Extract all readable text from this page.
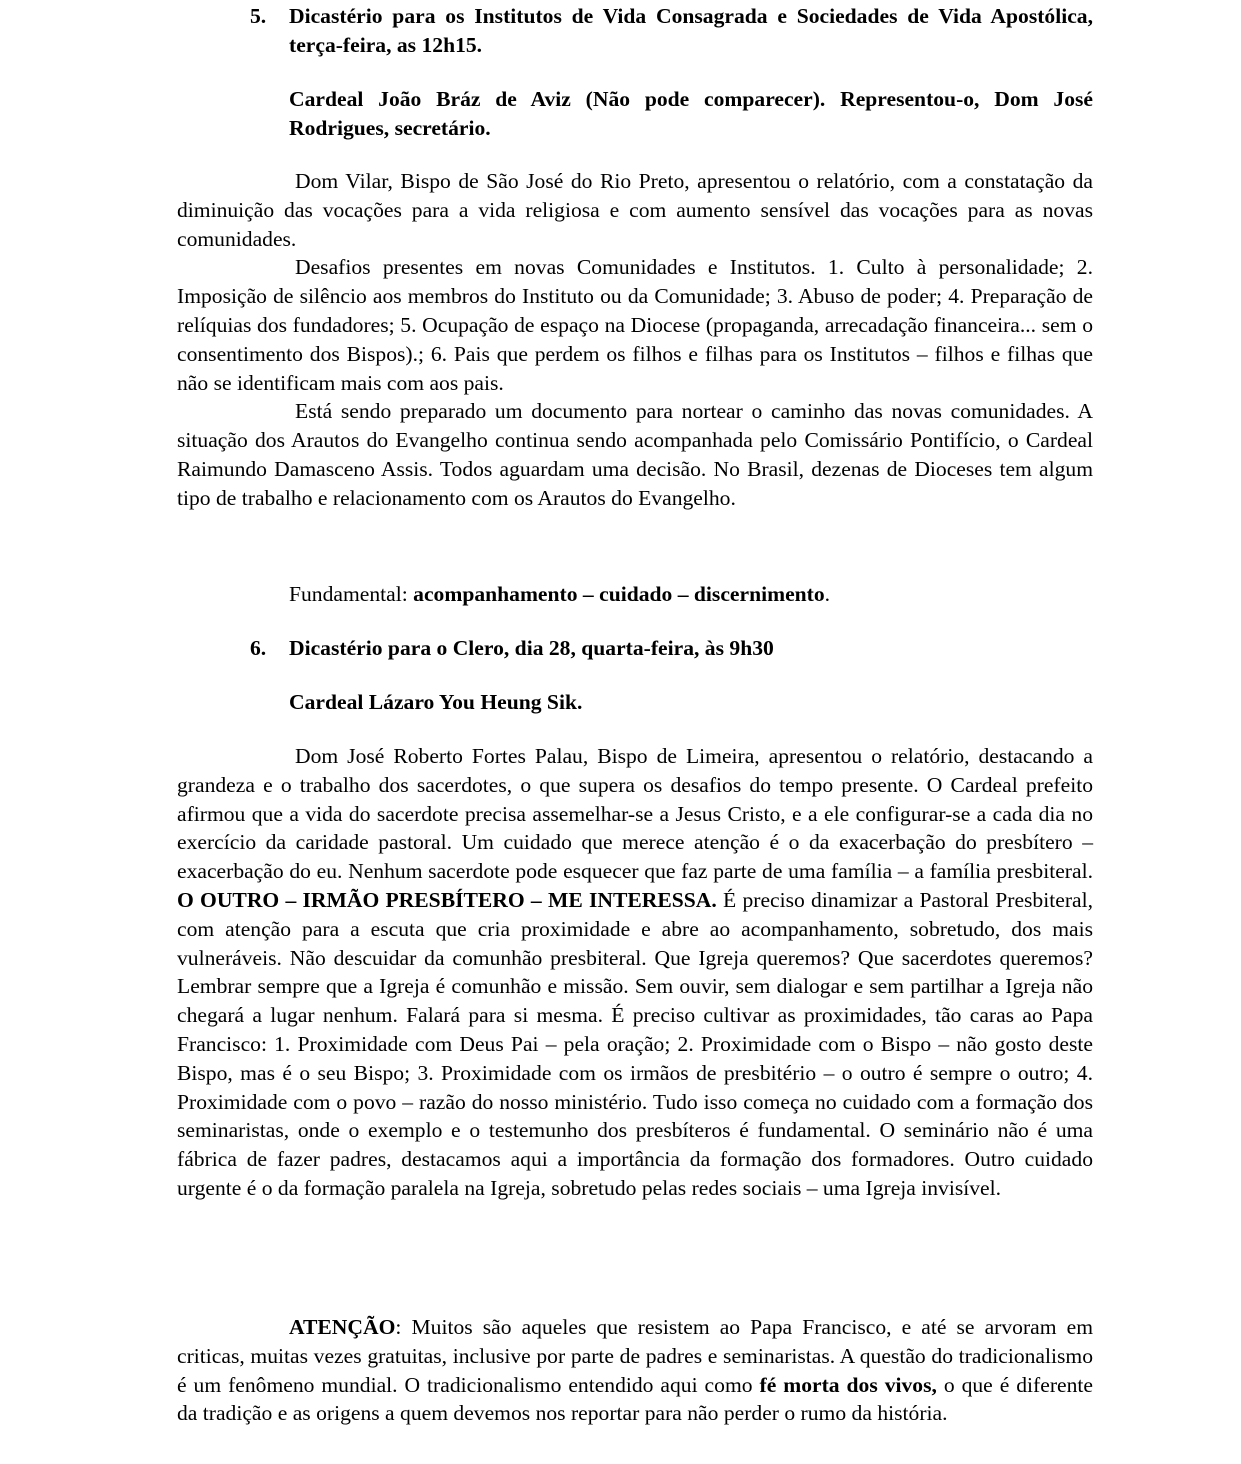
5.	Dicastério para os Institutos de Vida Consagrada e Sociedades de Vida Apostólica, terça-feira, as 12h15.
Cardeal João Bráz de Aviz (Não pode comparecer). Representou-o, Dom José Rodrigues, secretário.

Dom Vilar, Bispo de São José do Rio Preto, apresentou o relatório, com a constatação da diminuição das vocações para a vida religiosa e com aumento sensível das vocações para as novas comunidades.

Desafios presentes em novas Comunidades e Institutos. 1. Culto à personalidade; 2. Imposição de silêncio aos membros do Instituto ou da Comunidade; 3. Abuso de poder; 4. Preparação de relíquias dos fundadores; 5. Ocupação de espaço na Diocese (propaganda, arrecadação financeira... sem o consentimento dos Bispos).; 6. Pais que perdem os filhos e filhas para os Institutos – filhos e filhas que não se identificam mais com aos pais.

Está sendo preparado um documento para nortear o caminho das novas comunidades. A situação dos Arautos do Evangelho continua sendo acompanhada pelo Comissário Pontifício, o Cardeal Raimundo Damasceno Assis. Todos aguardam uma decisão. No Brasil, dezenas de Dioceses tem algum tipo de trabalho e relacionamento com os Arautos do Evangelho.

Fundamental: acompanhamento – cuidado – discernimento.
6.	Dicastério para o Clero, dia 28, quarta-feira, às 9h30
Cardeal Lázaro You Heung Sik.

Dom José Roberto Fortes Palau, Bispo de Limeira, apresentou o relatório, destacando a grandeza e o trabalho dos sacerdotes, o que supera os desafios do tempo presente. O Cardeal prefeito afirmou que a vida do sacerdote precisa assemelhar-se a Jesus Cristo, e a ele configurar-se a cada dia no exercício da caridade pastoral. Um cuidado que merece atenção é o da exacerbação do presbítero – exacerbação do eu. Nenhum sacerdote pode esquecer que faz parte de uma família – a família presbiteral. O OUTRO – IRMÃO PRESBÍTERO – ME INTERESSA. É preciso dinamizar a Pastoral Presbiteral, com atenção para a escuta que cria proximidade e abre ao acompanhamento, sobretudo, dos mais vulneráveis. Não descuidar da comunhão presbiteral. Que Igreja queremos? Que sacerdotes queremos? Lembrar sempre que a Igreja é comunhão e missão. Sem ouvir, sem dialogar e sem partilhar a Igreja não chegará a lugar nenhum. Falará para si mesma. É preciso cultivar as proximidades, tão caras ao Papa Francisco: 1. Proximidade com Deus Pai – pela oração; 2. Proximidade com o Bispo – não gosto deste Bispo, mas é o seu Bispo; 3. Proximidade com os irmãos de presbitério – o outro é sempre o outro; 4. Proximidade com o povo – razão do nosso ministério. Tudo isso começa no cuidado com a formação dos seminaristas, onde o exemplo e o testemunho dos presbíteros é fundamental. O seminário não é uma fábrica de fazer padres, destacamos aqui a importância da formação dos formadores. Outro cuidado urgente é o da formação paralela na Igreja, sobretudo pelas redes sociais – uma Igreja invisível.

ATENÇÃO: Muitos são aqueles que resistem ao Papa Francisco, e até se arvoram em criticas, muitas vezes gratuitas, inclusive por parte de padres e seminaristas. A questão do tradicionalismo é um fenômeno mundial. O tradicionalismo entendido aqui como fé morta dos vivos, o que é diferente da tradição e as origens a quem devemos nos reportar para não perder o rumo da história.
